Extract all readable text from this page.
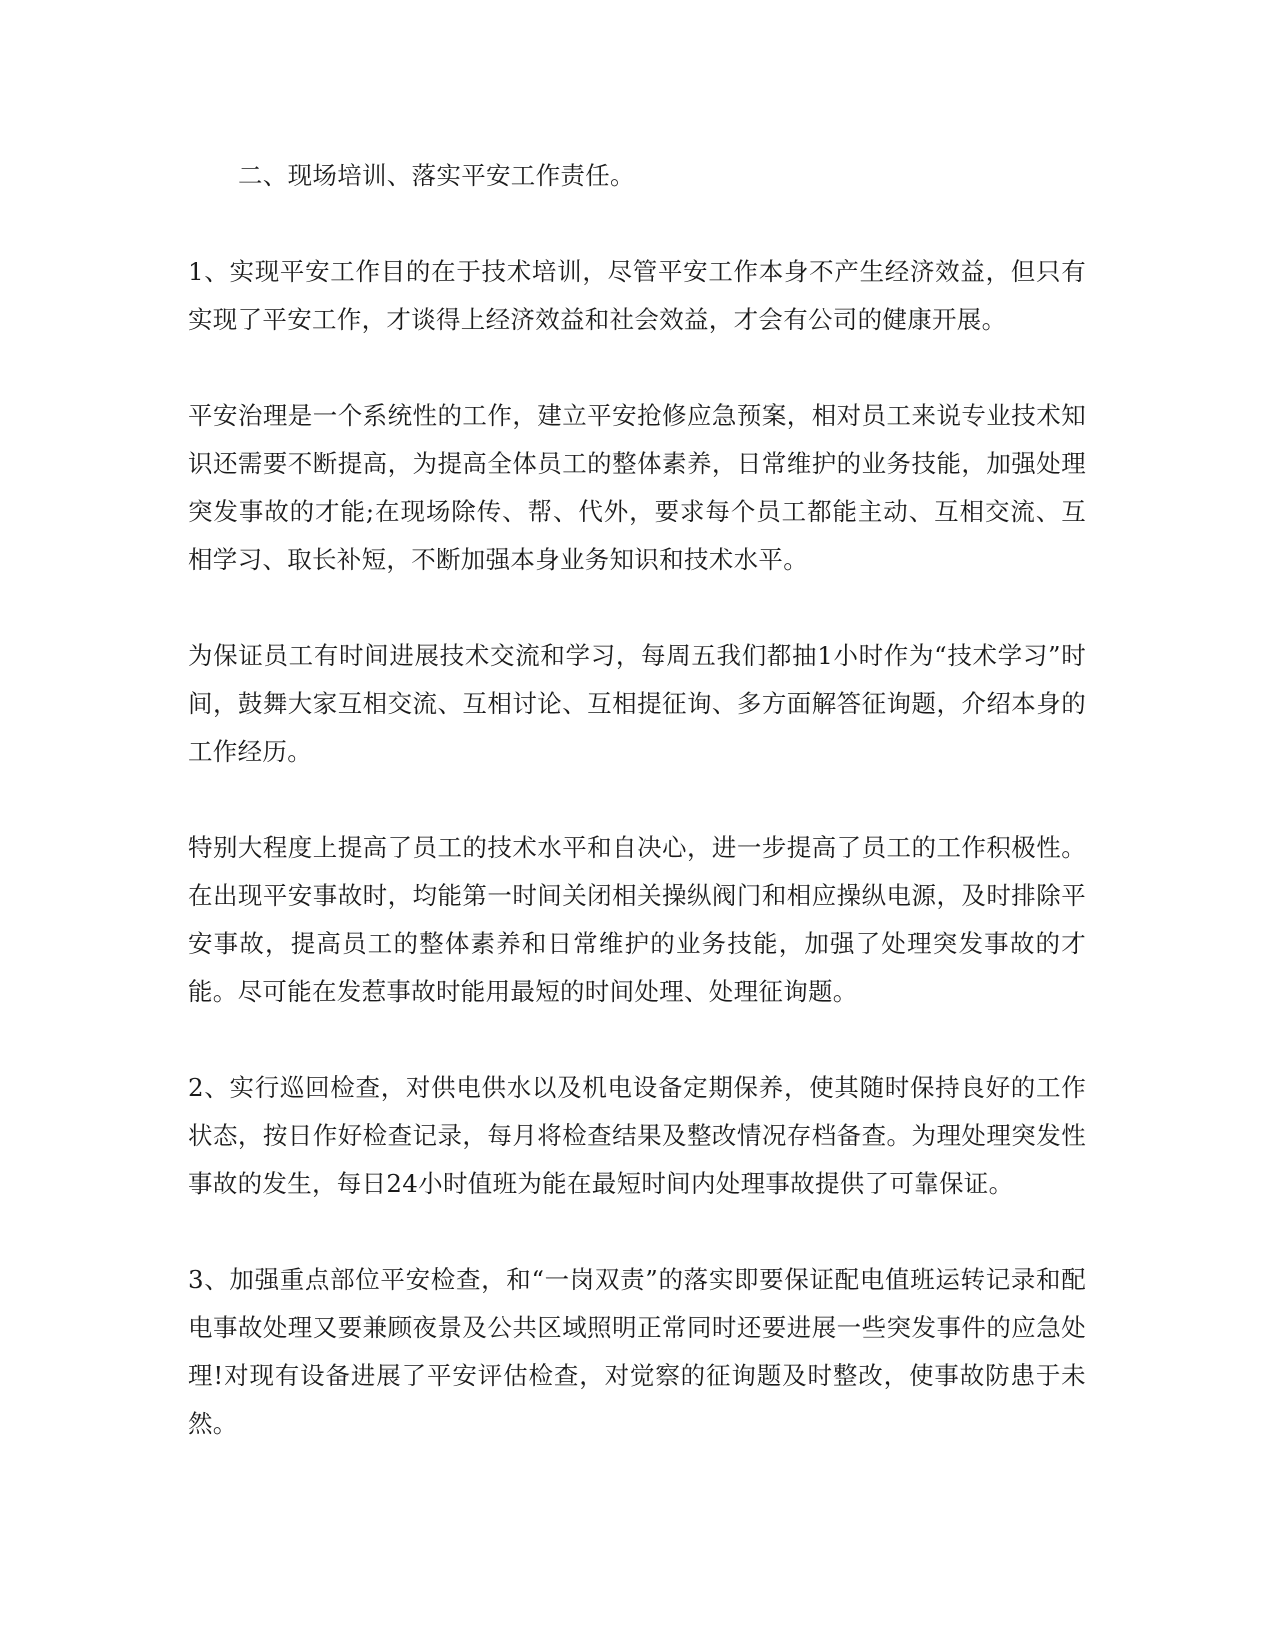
二、现场培训、落实平安工作责任。

1、实现平安工作目的在于技术培训，尽管平安工作本身不产生经济效益，但只有实现了平安工作，才谈得上经济效益和社会效益，才会有公司的健康开展。

平安治理是一个系统性的工作，建立平安抢修应急预案，相对员工来说专业技术知识还需要不断提高，为提高全体员工的整体素养，日常维护的业务技能，加强处理突发事故的才能;在现场除传、帮、代外，要求每个员工都能主动、互相交流、互相学习、取长补短，不断加强本身业务知识和技术水平。

为保证员工有时间进展技术交流和学习，每周五我们都抽1小时作为“技术学习”时间，鼓舞大家互相交流、互相讨论、互相提征询、多方面解答征询题，介绍本身的工作经历。

特别大程度上提高了员工的技术水平和自决心，进一步提高了员工的工作积极性。在出现平安事故时，均能第一时间关闭相关操纵阀门和相应操纵电源，及时排除平安事故，提高员工的整体素养和日常维护的业务技能，加强了处理突发事故的才能。尽可能在发惹事故时能用最短的时间处理、处理征询题。

2、实行巡回检查，对供电供水以及机电设备定期保养，使其随时保持良好的工作状态，按日作好检查记录，每月将检查结果及整改情况存档备查。为理处理突发性事故的发生，每日24小时值班为能在最短时间内处理事故提供了可靠保证。

3、加强重点部位平安检查，和“一岗双责”的落实即要保证配电值班运转记录和配电事故处理又要兼顾夜景及公共区域照明正常同时还要进展一些突发事件的应急处理!对现有设备进展了平安评估检查，对觉察的征询题及时整改，使事故防患于未然。
